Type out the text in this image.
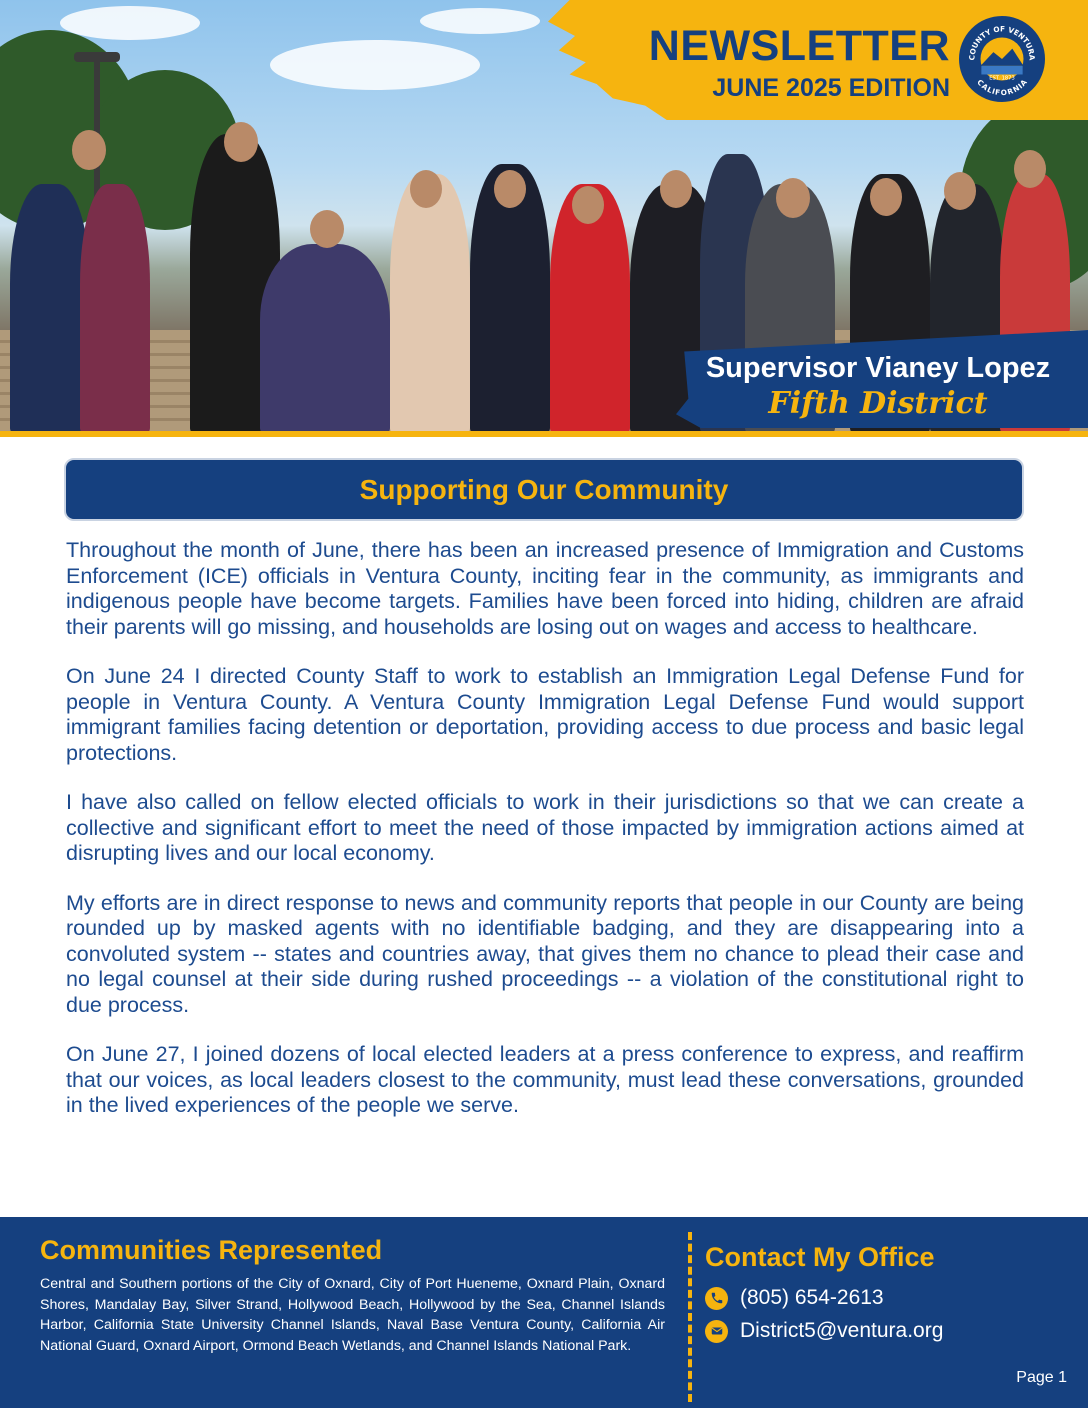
NEWSLETTER
JUNE 2025 EDITION
COUNTY OF VENTURA
CALIFORNIA
EST. 1873
Supervisor Vianey Lopez
Fifth District
Supporting Our Community

Throughout the month of June, there has been an increased presence of Immigration and Customs Enforcement (ICE) officials in Ventura County, inciting fear in the community, as immigrants and indigenous people have become targets. Families have been forced into hiding, children are afraid their parents will go missing, and households are losing out on wages and access to healthcare.

On June 24 I directed County Staff to work to establish an Immigration Legal Defense Fund for people in Ventura County. A Ventura County Immigration Legal Defense Fund would support immigrant families facing detention or deportation, providing access to due process and basic legal protections.

I have also called on fellow elected officials to work in their jurisdictions so that we can create a collective and significant effort to meet the need of those impacted by immigration actions aimed at disrupting lives and our local economy.

My efforts are in direct response to news and community reports that people in our County are being rounded up by masked agents with no identifiable badging, and they are disappearing into a convoluted system -- states and countries away, that gives them no chance to plead their case and no legal counsel at their side during rushed proceedings -- a violation of the constitutional right to due process.

On June 27, I joined dozens of local elected leaders at a press conference to express, and reaffirm that our voices, as local leaders closest to the community, must lead these conversations, grounded in the lived experiences of the people we serve.

Communities Represented
Central and Southern portions of the City of Oxnard, City of Port Hueneme, Oxnard Plain, Oxnard Shores, Mandalay Bay, Silver Strand, Hollywood Beach, Hollywood by the Sea, Channel Islands Harbor, California State University Channel Islands, Naval Base Ventura County, California Air National Guard, Oxnard Airport, Ormond Beach Wetlands, and Channel Islands National Park.
Contact My Office
(805) 654-2613
District5@ventura.org
Page 1
